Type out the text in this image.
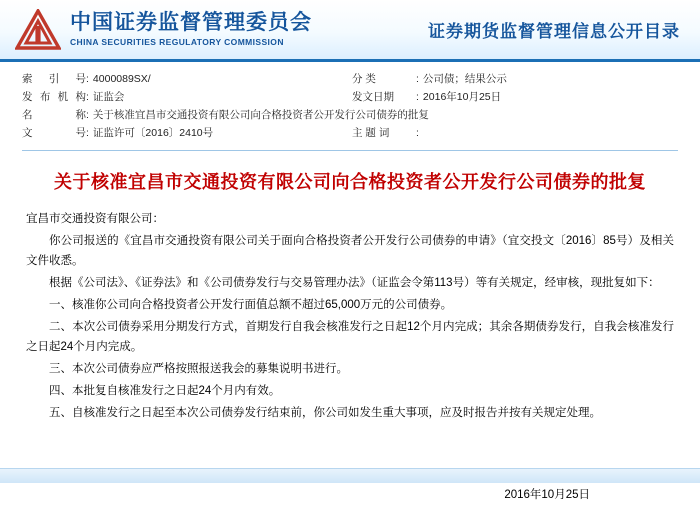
中国证券监督管理委员会
CHINA SECURITIES REGULATORY COMMISSION
证券期货监督管理信息公开目录
索 引 号 : 4000089SX/	分 类	: 公司债；结果公示
发布机构 : 证监会	发文日期	: 2016年10月25日
名 称 : 关于核准宜昌市交通投资有限公司向合格投资者公开发行公司债券的批复
文 号 : 证监许可〔2016〕2410号	主 题 词	:
关于核准宜昌市交通投资有限公司向合格投资者公开发行公司债券的批复
宜昌市交通投资有限公司：

你公司报送的《宜昌市交通投资有限公司关于面向合格投资者公开发行公司债券的申请》（宜交投文〔2016〕85号）及相关文件收悉。

根据《公司法》、《证券法》和《公司债券发行与交易管理办法》（证监会令第113号）等有关规定，经审核，现批复如下：

一、核准你公司向合格投资者公开发行面值总额不超过65,000万元的公司债券。

二、本次公司债券采用分期发行方式，首期发行自我会核准发行之日起12个月内完成；其余各期债券发行，自我会核准发行之日起24个月内完成。

三、本次公司债券应严格按照报送我会的募集说明书进行。

四、本批复自核准发行之日起24个月内有效。

五、自核准发行之日起至本次公司债券发行结束前，你公司如发生重大事项，应及时报告并按有关规定处理。

2016年10月25日
